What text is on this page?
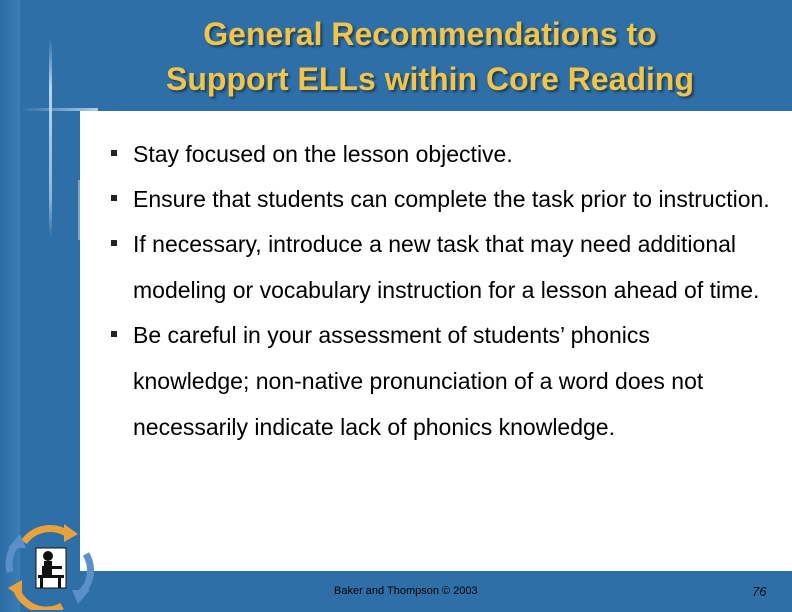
General Recommendations to
Support ELLs within Core Reading
Stay focused on the lesson objective.
Ensure that students can complete the task prior to instruction.
If necessary, introduce a new task that may need additional modeling or vocabulary instruction for a lesson ahead of time.
Be careful in your assessment of students’ phonics knowledge; non-native pronunciation of a word does not necessarily indicate lack of phonics knowledge.
Baker and Thompson © 2003	76
